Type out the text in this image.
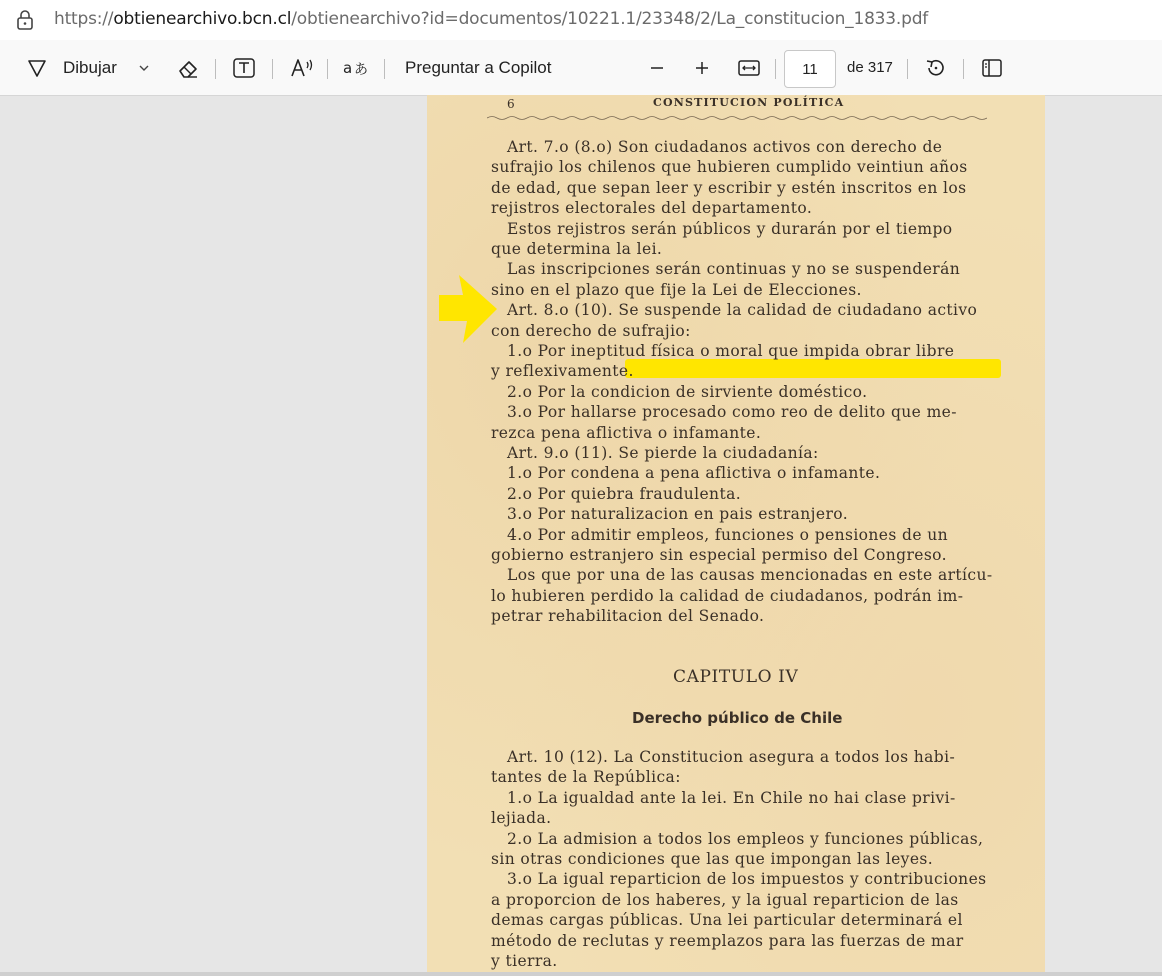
https://obtienearchivo.bcn.cl/obtienearchivo?id=documentos/10221.1/23348/2/La_constitucion_1833.pdf
Dibujar	a あ Preguntar a Copilot	de 317
11
6	CONSTITUCION POLÍTICA
Art. 7.o (8.o) Son ciudadanos activos con derecho de
sufrajio los chilenos que hubieren cumplido veintiun años
de edad, que sepan leer y escribir y estén inscritos en los
rejistros electorales del departamento.
Estos rejistros serán públicos y durarán por el tiempo
que determina la lei.
Las inscripciones serán continuas y no se suspenderán
sino en el plazo que fije la Lei de Elecciones.
Art. 8.o (10). Se suspende la calidad de ciudadano activo
con derecho de sufrajio:
1.o Por ineptitud física o moral que impida obrar libre
y reflexivamente.
2.o Por la condicion de sirviente doméstico.
3.o Por hallarse procesado como reo de delito que me-
rezca pena aflictiva o infamante.
Art. 9.o (11). Se pierde la ciudadanía:
1.o Por condena a pena aflictiva o infamante.
2.o Por quiebra fraudulenta.
3.o Por naturalizacion en pais estranjero.
4.o Por admitir empleos, funciones o pensiones de un
gobierno estranjero sin especial permiso del Congreso.
Los que por una de las causas mencionadas en este artícu-
lo hubieren perdido la calidad de ciudadanos, podrán im-
petrar rehabilitacion del Senado.
CAPITULO IV
Derecho público de Chile
Art. 10 (12). La Constitucion asegura a todos los habi-
tantes de la República:
1.o La igualdad ante la lei. En Chile no hai clase privi-
lejiada.
2.o La admision a todos los empleos y funciones públicas,
sin otras condiciones que las que impongan las leyes.
3.o La igual reparticion de los impuestos y contribuciones
a proporcion de los haberes, y la igual reparticion de las
demas cargas públicas. Una lei particular determinará el
método de reclutas y reemplazos para las fuerzas de mar
y tierra.
